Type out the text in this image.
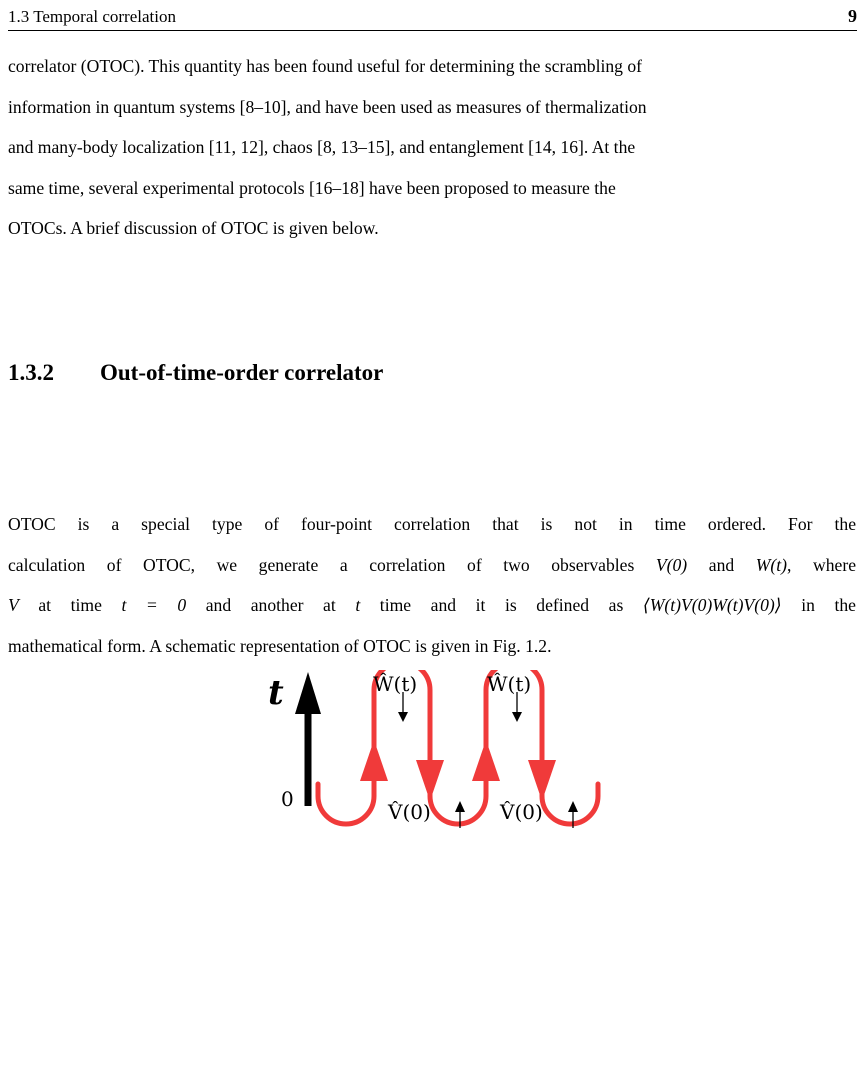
1.3 Temporal correlation	9
correlator (OTOC). This quantity has been found useful for determining the scrambling of
information in quantum systems [8–10], and have been used as measures of thermalization
and many-body localization [11, 12], chaos [8, 13–15], and entanglement [14, 16]. At the
same time, several experimental protocols [16–18] have been proposed to measure the
OTOCs. A brief discussion of OTOC is given below.
1.3.2 Out-of-time-order correlator
OTOC is a special type of four-point correlation that is not in time ordered. For the
calculation of OTOC, we generate a correlation of two observables V(0) and W(t), where
V at time t = 0 and another at t time and it is defined as ⟨W(t)V(0)W(t)V(0)⟩ in the
mathematical form. A schematic representation of OTOC is given in Fig. 1.2.
t
0
Ŵ(t)	Ŵ(t)
V̂(0)	V̂(0)
